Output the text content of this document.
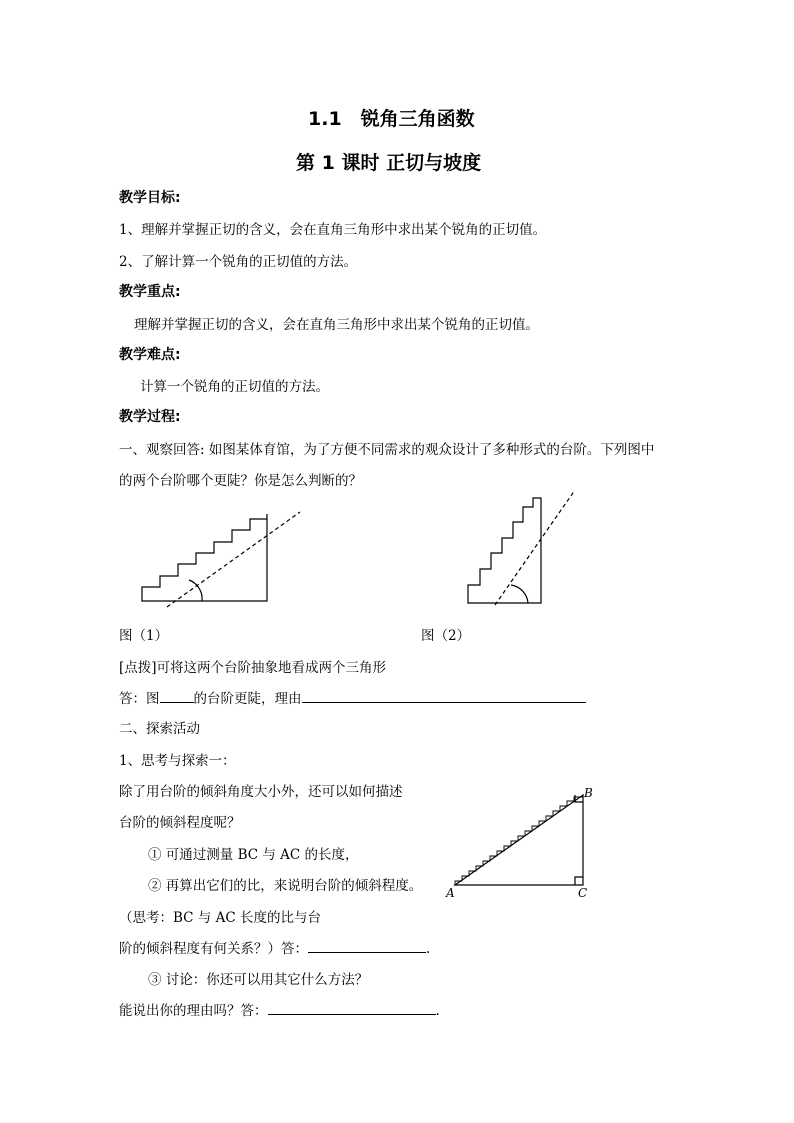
1.1　锐角三角函数
第 1 课时 正切与坡度
教学目标:
1、理解并掌握正切的含义，会在直角三角形中求出某个锐角的正切值。
2、了解计算一个锐角的正切值的方法。
教学重点:
理解并掌握正切的含义，会在直角三角形中求出某个锐角的正切值。
教学难点:
计算一个锐角的正切值的方法。
教学过程:
一、观察回答: 如图某体育馆，为了方便不同需求的观众设计了多种形式的台阶。下列图中
的两个台阶哪个更陡？你是怎么判断的？
图（1）	图（2）
[点拨]可将这两个台阶抽象地看成两个三角形
答：图	的台阶更陡，理由
二、探索活动
1、思考与探索一：
除了用台阶的倾斜角度大小外，还可以如何描述
台阶的倾斜程度呢？
① 可通过测量 BC 与 AC 的长度，
② 再算出它们的比，来说明台阶的倾斜程度。
（思考：BC 与 AC 长度的比与台
阶的倾斜程度有何关系？）答：	.
③ 讨论：你还可以用其它什么方法？
能说出你的理由吗？答：	.
A
B
C
